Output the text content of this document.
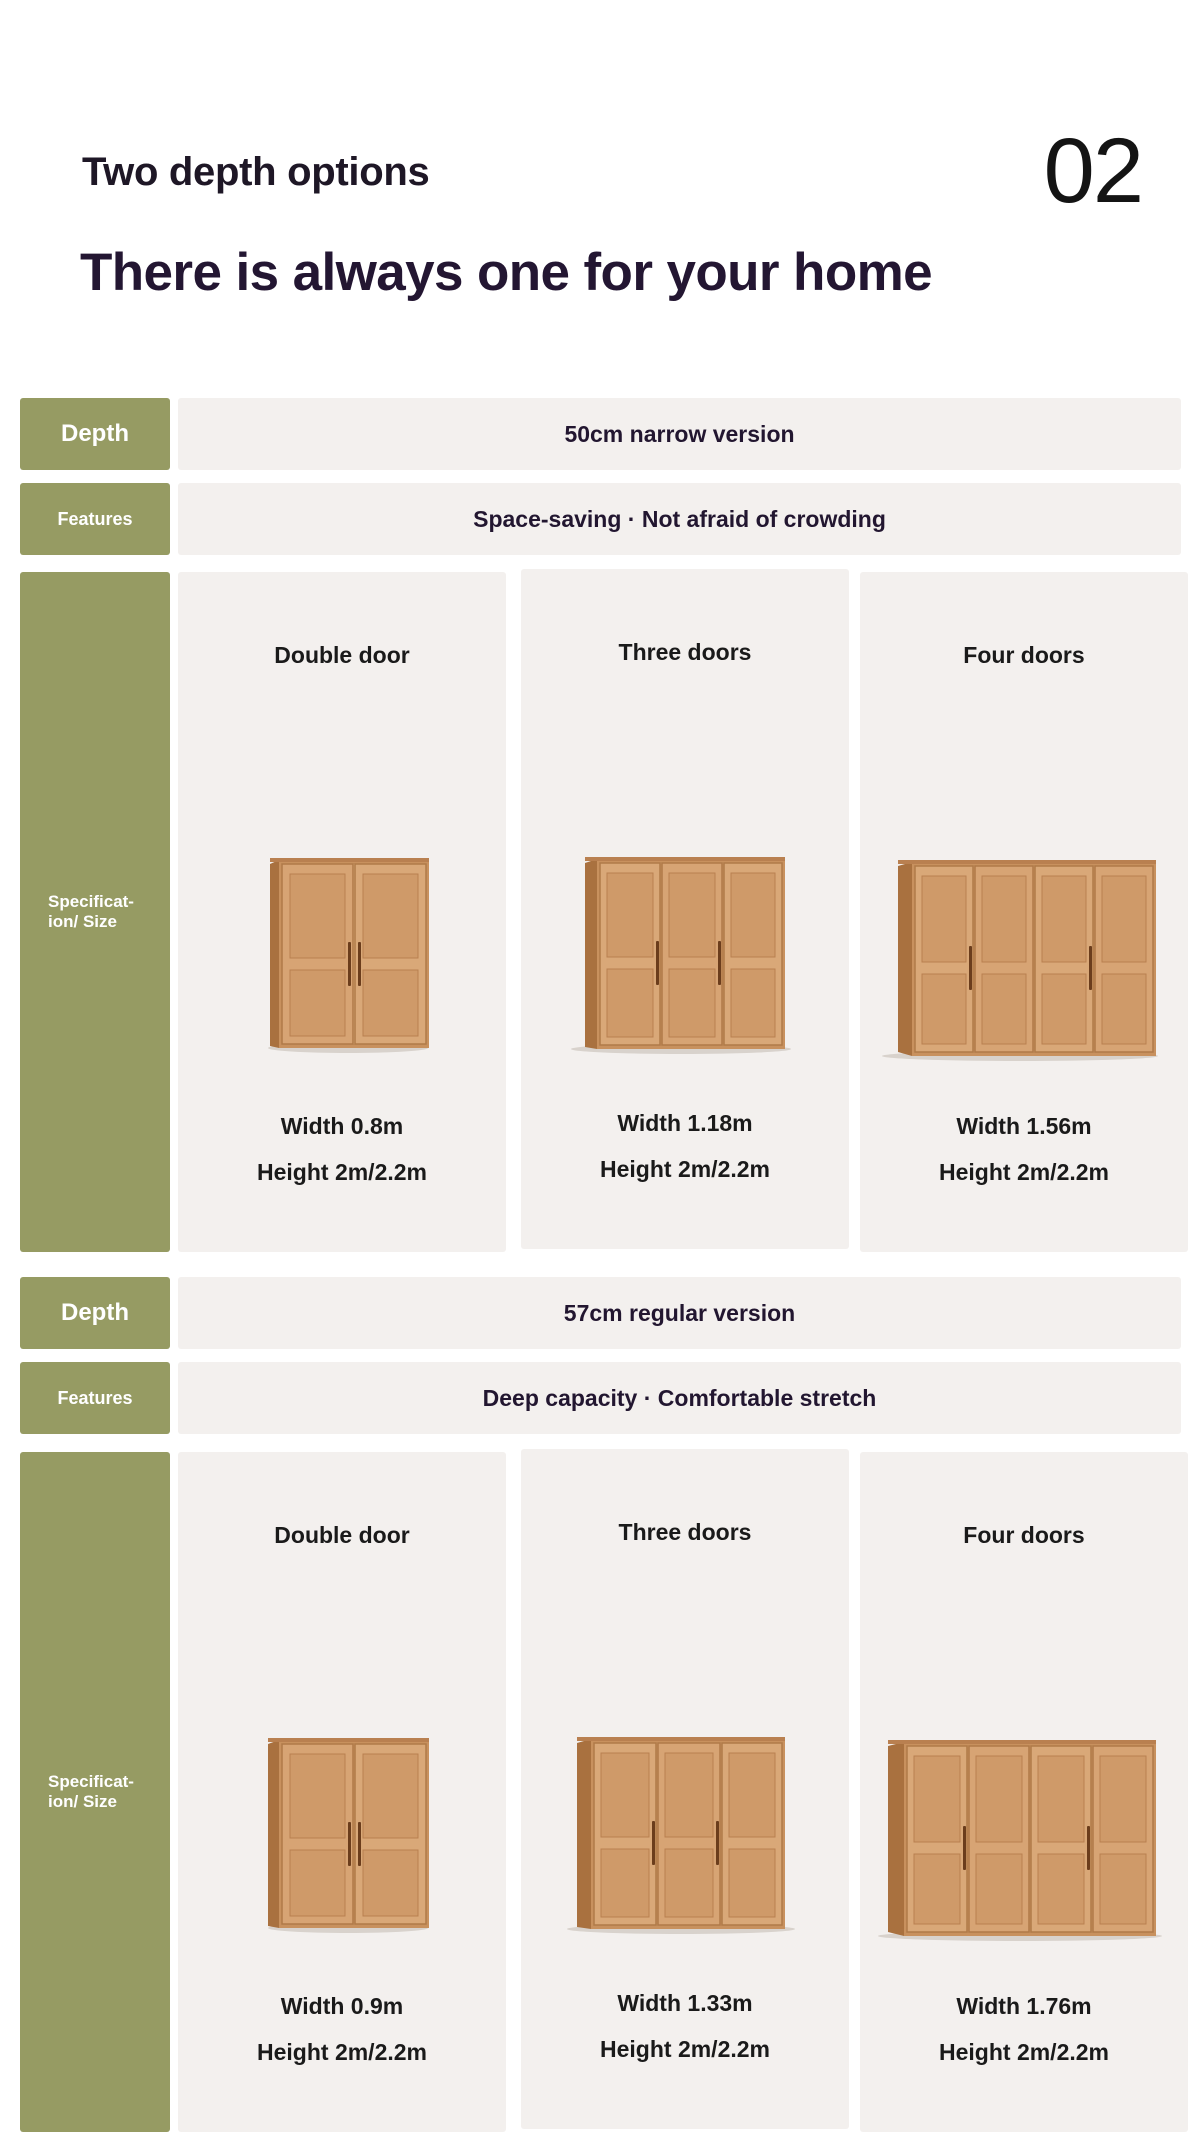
Two depth options
There is always one for your home
02
Depth	50cm narrow version
Features	Space-saving · Not afraid of crowding
Specificat-
ion/ Size
Double door
Width 0.8m
Height 2m/2.2m
Three doors
Width 1.18m
Height 2m/2.2m
Four doors
Width 1.56m
Height 2m/2.2m
Depth	57cm regular version
Features	Deep capacity · Comfortable stretch
Specificat-
ion/ Size
Double door
Width 0.9m
Height 2m/2.2m
Three doors
Width 1.33m
Height 2m/2.2m
Four doors
Width 1.76m
Height 2m/2.2m
